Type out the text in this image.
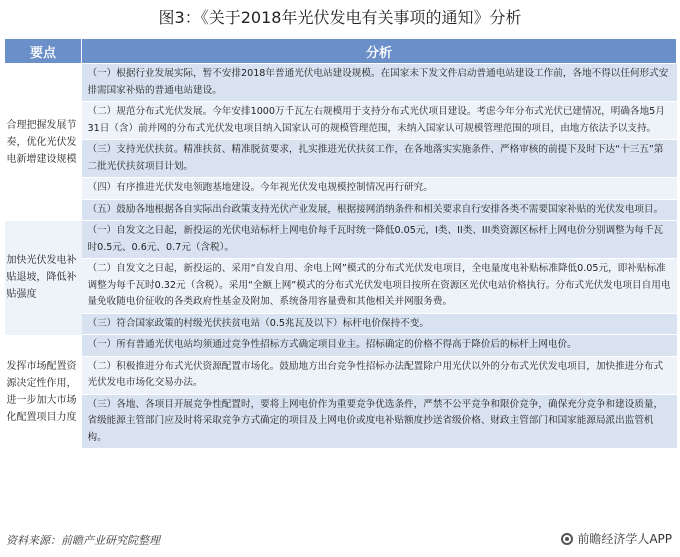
图3：《关于2018年光伏发电有关事项的通知》分析
要点	分析
合理把握发展节奏，优化光伏发电新增建设规模	（一）根据行业发展实际，暂不安排2018年普通光伏电站建设规模。在国家未下发文件启动普通电站建设工作前，各地不得以任何形式安排需国家补贴的普通电站建设。
	（二）规范分布式光伏发展。今年安排1000万千瓦左右规模用于支持分布式光伏项目建设。考虑今年分布式光伏已建情况，明确各地5月31日（含）前并网的分布式光伏发电项目纳入国家认可的规模管理范围，未纳入国家认可规模管理范围的项目，由地方依法予以支持。
	（三）支持光伏扶贫。精准扶贫、精准脱贫要求，扎实推进光伏扶贫工作，在各地落实实施条件、严格审核的前提下及时下达“十三五”第二批光伏扶贫项目计划。
	（四）有序推进光伏发电领跑基地建设。今年视光伏发电规模控制情况再行研究。
	（五）鼓励各地根据各自实际出台政策支持光伏产业发展，根据接网消纳条件和相关要求自行安排各类不需要国家补贴的光伏发电项目。
加快光伏发电补贴退坡，降低补贴强度	（一）自发文之日起，新投运的光伏电站标杆上网电价每千瓦时统一降低0.05元，I类、II类、III类资源区标杆上网电价分别调整为每千瓦时0.5元、0.6元、0.7元（含税）。
	（二）自发文之日起，新投运的、采用“自发自用、余电上网”模式的分布式光伏发电项目，全电量度电补贴标准降低0.05元，即补贴标准调整为每千瓦时0.32元（含税）。采用“全额上网”模式的分布式光伏发电项目按所在资源区光伏电站价格执行。分布式光伏发电项目自用电量免收随电价征收的各类政府性基金及附加、系统备用容量费和其他相关并网服务费。
	（三）符合国家政策的村级光伏扶贫电站（0.5兆瓦及以下）标杆电价保持不变。
发挥市场配置资源决定性作用，进一步加大市场化配置项目力度	（一）所有普通光伏电站均须通过竞争性招标方式确定项目业主。招标确定的价格不得高于降价后的标杆上网电价。
	（二）积极推进分布式光伏资源配置市场化。鼓励地方出台竞争性招标办法配置除户用光伏以外的分布式光伏发电项目，加快推进分布式光伏发电市场化交易办法。
	（三）各地、各项目开展竞争性配置时，要将上网电价作为重要竞争优选条件，严禁不公平竞争和限价竞争，确保充分竞争和建设质量，省级能源主管部门应及时将采取竞争方式确定的项目及上网电价或度电补贴额度抄送省级价格、财政主管部门和国家能源局派出监管机构。
资料来源：前瞻产业研究院整理	前瞻经济学人APP
